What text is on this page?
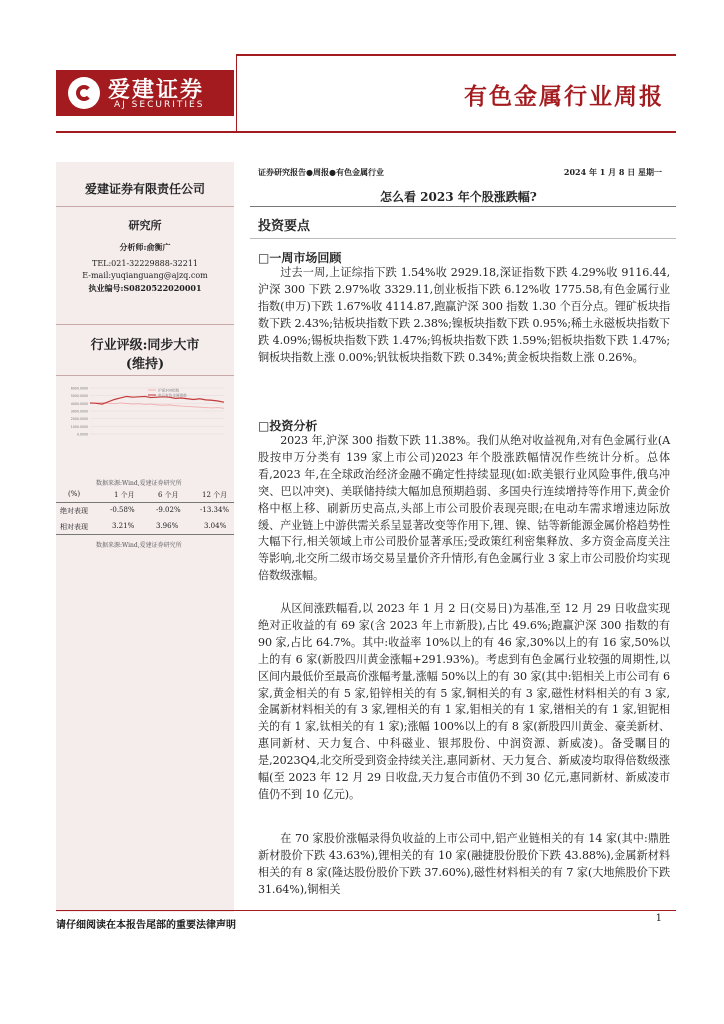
爱建证券
AJ SECURITIES	有色金属行业周报
爱建证券有限责任公司
研究所
分析师:俞衡广
TEL:021-32229888-32211
E-mail:yuqianguang@ajzq.com
执业编号:S0820522020001
行业评级:同步大市
(维持)
6000.0000
5000.0000
4000.0000
3000.0000
2000.0000
1000.0000
0.0000
沪深300指数
申万有色金属指数
数据来源:Wind,爱建证券研究所
(%)	1 个月	6 个月	12 个月
绝对表现	-0.58%	-9.02%	-13.34%
相对表现	3.21%	3.96%	3.04%
数据来源:Wind,爱建证券研究所
证券研究报告●周报●有色金属行业	2024 年 1 月 8 日 星期一
怎么看 2023 年个股涨跌幅?
投资要点
□一周市场回顾

过去一周,上证综指下跌 1.54%收 2929.18,深证指数下跌 4.29%收 9116.44,沪深 300 下跌 2.97%收 3329.11,创业板指下跌 6.12%收 1775.58,有色金属行业指数(申万)下跌 1.67%收 4114.87,跑赢沪深 300 指数 1.30 个百分点。锂矿板块指数下跌 2.43%;钴板块指数下跌 2.38%;镍板块指数下跌 0.95%;稀土永磁板块指数下跌 4.09%;锡板块指数下跌 1.47%;钨板块指数下跌 1.59%;铝板块指数下跌 1.47%;铜板块指数上涨 0.00%;钒钛板块指数下跌 0.34%;黄金板块指数上涨 0.26%。

□投资分析

2023 年,沪深 300 指数下跌 11.38%。我们从绝对收益视角,对有色金属行业(A 股按申万分类有 139 家上市公司)2023 年个股涨跌幅情况作些统计分析。总体看,2023 年,在全球政治经济金融不确定性持续显现(如:欧美银行业风险事件,俄乌冲突、巴以冲突)、美联储持续大幅加息预期趋弱、多国央行连续增持等作用下,黄金价格中枢上移、刷新历史高点,头部上市公司股价表现亮眼;在电动车需求增速边际放缓、产业链上中游供需关系呈显著改变等作用下,锂、镍、钴等新能源金属价格趋势性大幅下行,相关领域上市公司股价显著承压;受政策红利密集释放、多方资金高度关注等影响,北交所二级市场交易呈量价齐升情形,有色金属行业 3 家上市公司股价均实现倍数级涨幅。

从区间涨跌幅看,以 2023 年 1 月 2 日(交易日)为基准,至 12 月 29 日收盘实现绝对正收益的有 69 家(含 2023 年上市新股),占比 49.6%;跑赢沪深 300 指数的有 90 家,占比 64.7%。其中:收益率 10%以上的有 46 家,30%以上的有 16 家,50%以上的有 6 家(新股四川黄金涨幅+291.93%)。考虑到有色金属行业较强的周期性,以区间内最低价至最高价涨幅考量,涨幅 50%以上的有 30 家(其中:铝相关上市公司有 6 家,黄金相关的有 5 家,铅锌相关的有 5 家,铜相关的有 3 家,磁性材料相关的有 3 家,金属新材料相关的有 3 家,锂相关的有 1 家,钼相关的有 1 家,镨相关的有 1 家,钽铌相关的有 1 家,钛相关的有 1 家);涨幅 100%以上的有 8 家(新股四川黄金、豪美新材、惠同新材、天力复合、中科磁业、银邦股份、中润资源、新威凌)。备受瞩目的是,2023Q4,北交所受到资金持续关注,惠同新材、天力复合、新威凌均取得倍数级涨幅(至 2023 年 12 月 29 日收盘,天力复合市值仍不到 30 亿元,惠同新材、新威凌市值仍不到 10 亿元)。

在 70 家股价涨幅录得负收益的上市公司中,铝产业链相关的有 14 家(其中:鼎胜新材股价下跌 43.63%),锂相关的有 10 家(融捷股份股价下跌 43.88%),金属新材料相关的有 8 家(隆达股份股价下跌 37.60%),磁性材料相关的有 7 家(大地熊股价下跌 31.64%),铜相关

请仔细阅读在本报告尾部的重要法律声明
1
